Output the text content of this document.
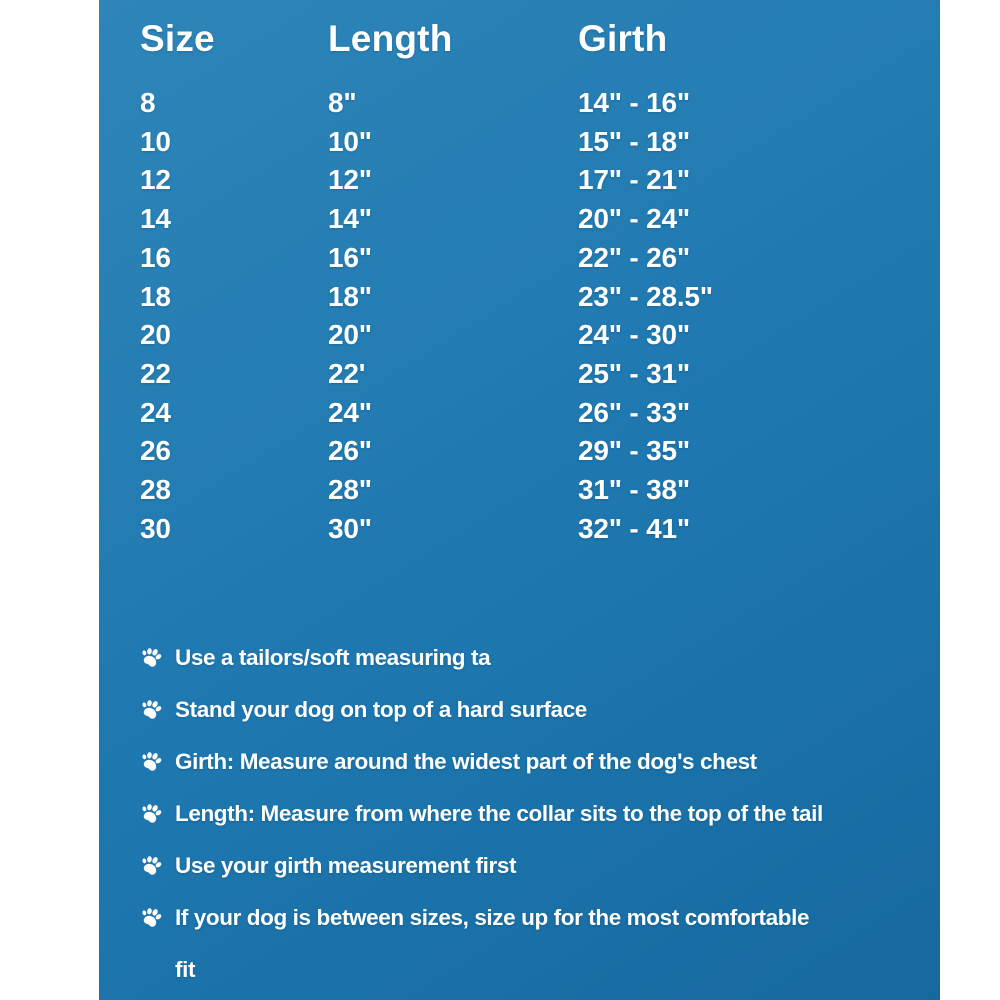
Size	Length	Girth
8	8"	14" - 16"
10	10"	15" - 18"
12	12"	17" - 21"
14	14"	20" - 24"
16	16"	22" - 26"
18	18"	23" - 28.5"
20	20"	24" - 30"
22	22'	25" - 31"
24	24"	26" - 33"
26	26"	29" - 35"
28	28"	31" - 38"
30	30"	32" - 41"
Use a tailors/soft measuring ta
Stand your dog on top of a hard surface
Girth: Measure around the widest part of the dog's chest
Length: Measure from where the collar sits to the top of the tail
Use your girth measurement first
If your dog is between sizes, size up for the most comfortable
fit
